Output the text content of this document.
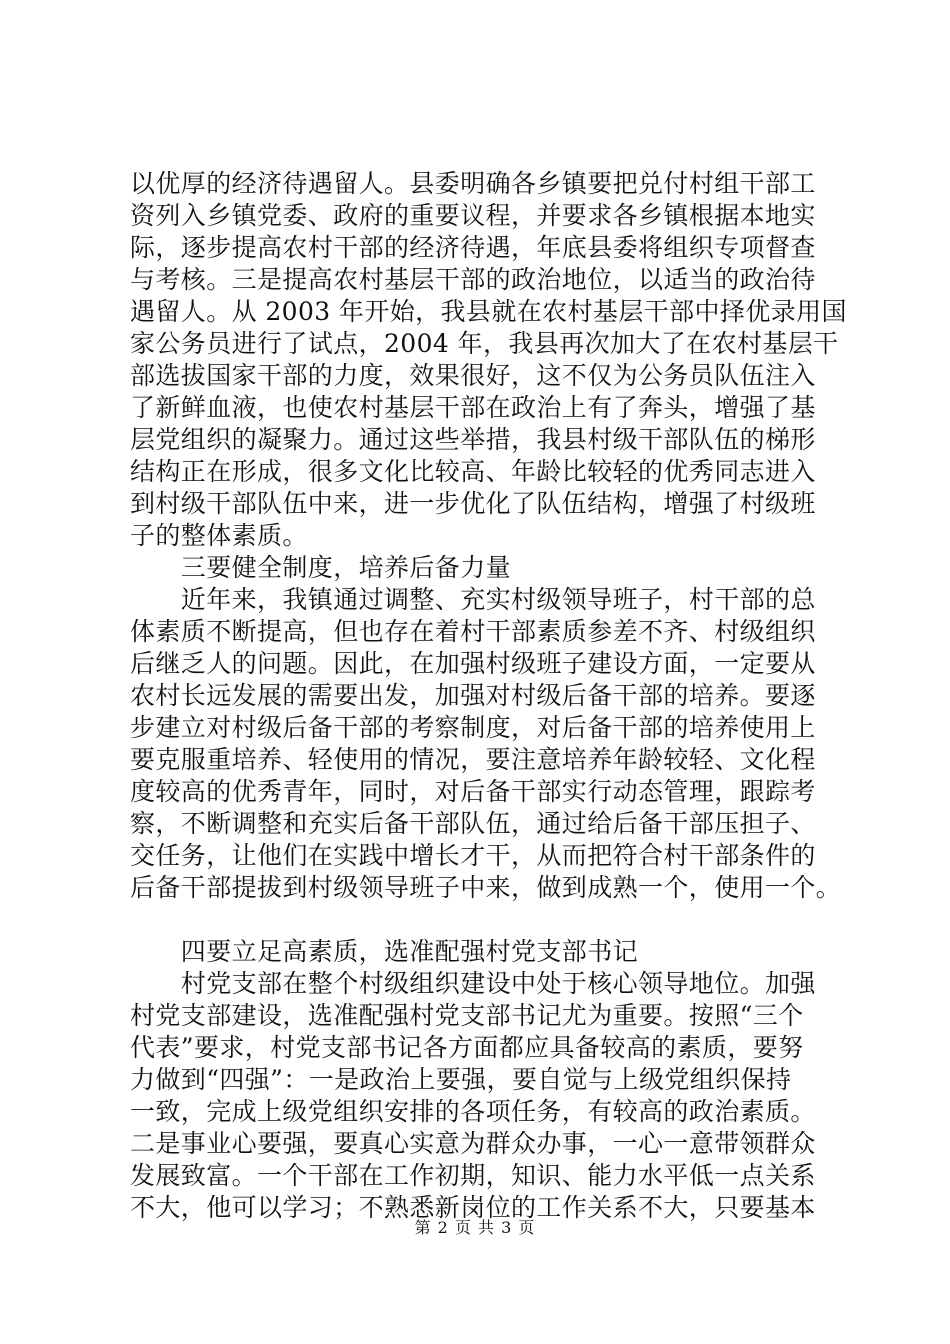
以优厚的经济待遇留人。县委明确各乡镇要把兑付村组干部工
资列入乡镇党委、政府的重要议程，并要求各乡镇根据本地实
际，逐步提高农村干部的经济待遇，年底县委将组织专项督查
与考核。三是提高农村基层干部的政治地位，以适当的政治待
遇留人。从 2003 年开始，我县就在农村基层干部中择优录用国
家公务员进行了试点，2004 年，我县再次加大了在农村基层干
部选拔国家干部的力度，效果很好，这不仅为公务员队伍注入
了新鲜血液，也使农村基层干部在政治上有了奔头，增强了基
层党组织的凝聚力。通过这些举措，我县村级干部队伍的梯形
结构正在形成，很多文化比较高、年龄比较轻的优秀同志进入
到村级干部队伍中来，进一步优化了队伍结构，增强了村级班
子的整体素质。
　　三要健全制度，培养后备力量
　　近年来，我镇通过调整、充实村级领导班子，村干部的总
体素质不断提高，但也存在着村干部素质参差不齐、村级组织
后继乏人的问题。因此，在加强村级班子建设方面，一定要从
农村长远发展的需要出发，加强对村级后备干部的培养。要逐
步建立对村级后备干部的考察制度，对后备干部的培养使用上
要克服重培养、轻使用的情况，要注意培养年龄较轻、文化程
度较高的优秀青年，同时，对后备干部实行动态管理，跟踪考
察，不断调整和充实后备干部队伍，通过给后备干部压担子、
交任务，让他们在实践中增长才干，从而把符合村干部条件的
后备干部提拔到村级领导班子中来，做到成熟一个，使用一个。
　　四要立足高素质，选准配强村党支部书记
　　村党支部在整个村级组织建设中处于核心领导地位。加强
村党支部建设，选准配强村党支部书记尤为重要。按照“三个
代表”要求，村党支部书记各方面都应具备较高的素质，要努
力做到“四强”：一是政治上要强，要自觉与上级党组织保持
一致，完成上级党组织安排的各项任务，有较高的政治素质。
二是事业心要强，要真心实意为群众办事，一心一意带领群众
发展致富。一个干部在工作初期，知识、能力水平低一点关系
不大，他可以学习；不熟悉新岗位的工作关系不大，只要基本
第 2 页 共 3 页
